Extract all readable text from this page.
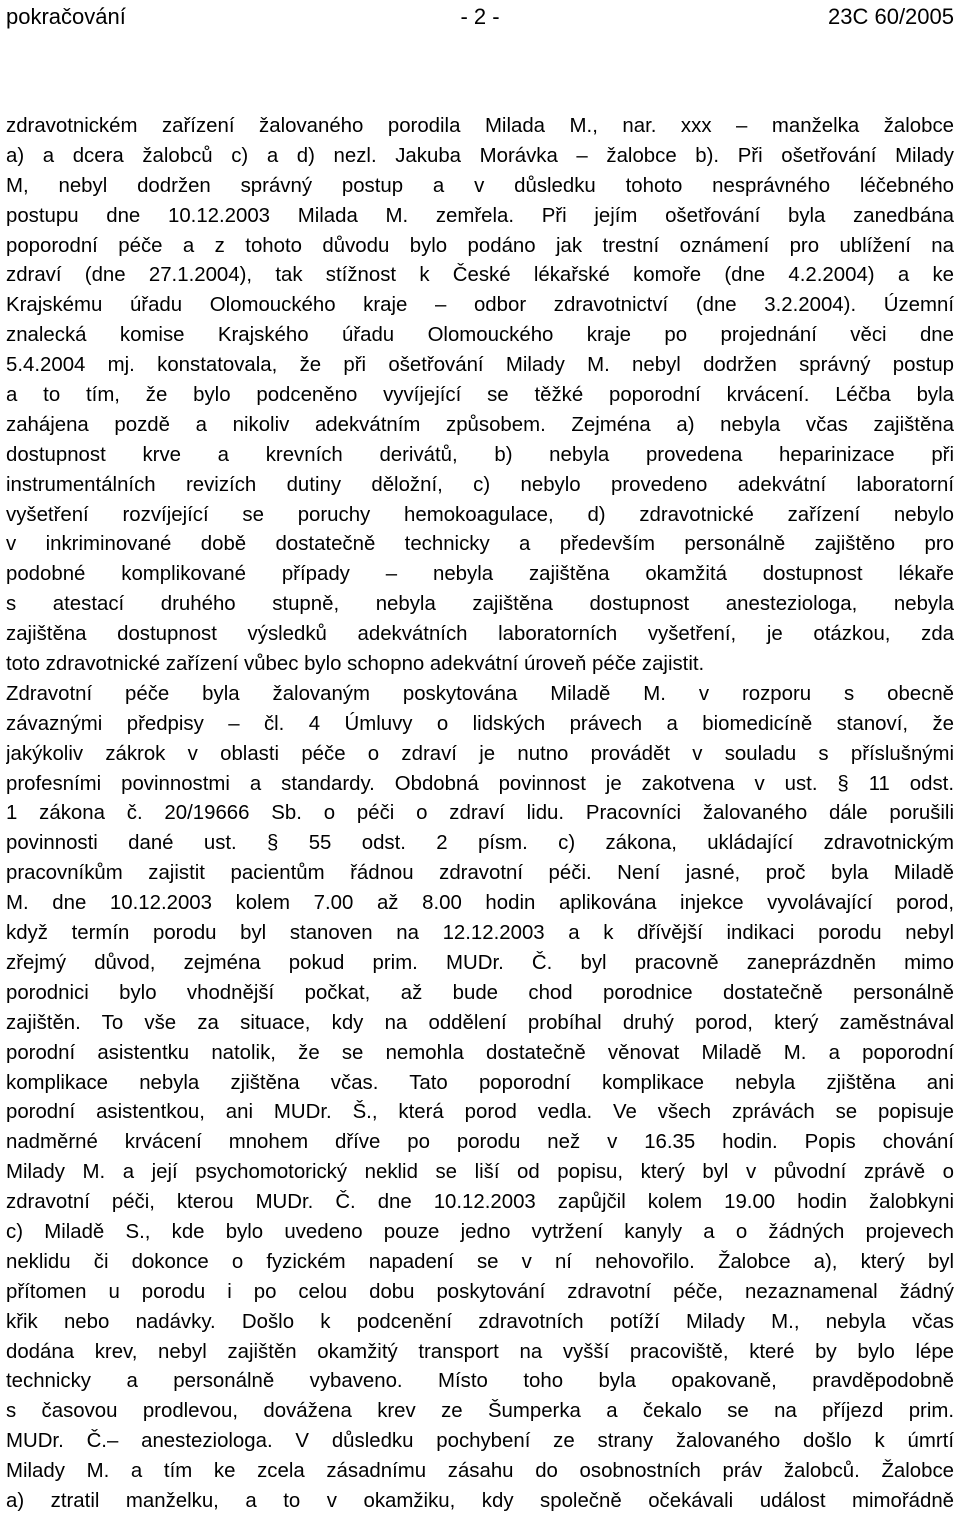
pokračování	- 2 -	23C 60/2005
zdravotnickém zařízení žalovaného porodila Milada M., nar. xxx – manželka žalobce
a) a dcera žalobců c) a d) nezl. Jakuba Morávka – žalobce b). Při ošetřování Milady
M, nebyl dodržen správný postup a v důsledku tohoto nesprávného léčebného
postupu dne 10.12.2003 Milada M. zemřela. Při jejím ošetřování byla zanedbána
poporodní péče a z tohoto důvodu bylo podáno jak trestní oznámení pro ublížení na
zdraví (dne 27.1.2004), tak stížnost k České lékařské komoře (dne 4.2.2004) a ke
Krajskému úřadu Olomouckého kraje – odbor zdravotnictví (dne 3.2.2004). Územní
znalecká komise Krajského úřadu Olomouckého kraje po projednání věci dne
5.4.2004 mj. konstatovala, že při ošetřování Milady M. nebyl dodržen správný postup
a to tím, že bylo podceněno vyvíjející se těžké poporodní krvácení. Léčba byla
zahájena pozdě a nikoliv adekvátním způsobem. Zejména a) nebyla včas zajištěna
dostupnost krve a krevních derivátů, b) nebyla provedena heparinizace při
instrumentálních revizích dutiny děložní, c) nebylo provedeno adekvátní laboratorní
vyšetření rozvíjející se poruchy hemokoagulace, d) zdravotnické zařízení nebylo
v inkriminované době dostatečně technicky a především personálně zajištěno pro
podobné komplikované případy – nebyla zajištěna okamžitá dostupnost lékaře
s atestací druhého stupně, nebyla zajištěna dostupnost anesteziologa, nebyla
zajištěna dostupnost výsledků adekvátních laboratorních vyšetření, je otázkou, zda
toto zdravotnické zařízení vůbec bylo schopno adekvátní úroveň péče zajistit.
Zdravotní péče byla žalovaným poskytována Miladě M. v rozporu s obecně
závaznými předpisy – čl. 4 Úmluvy o lidských právech a biomedicíně stanoví, že
jakýkoliv zákrok v oblasti péče o zdraví je nutno provádět v souladu s příslušnými
profesními povinnostmi a standardy. Obdobná povinnost je zakotvena v ust. § 11 odst.
1 zákona č. 20/19666 Sb. o péči o zdraví lidu. Pracovníci žalovaného dále porušili
povinnosti dané ust. § 55 odst. 2 písm. c) zákona, ukládající zdravotnickým
pracovníkům zajistit pacientům řádnou zdravotní péči. Není jasné, proč byla Miladě
M. dne 10.12.2003 kolem 7.00 až 8.00 hodin aplikována injekce vyvolávající porod,
když termín porodu byl stanoven na 12.12.2003 a k dřívější indikaci porodu nebyl
zřejmý důvod, zejména pokud prim. MUDr. Č. byl pracovně zaneprázdněn mimo
porodnici bylo vhodnější počkat, až bude chod porodnice dostatečně personálně
zajištěn. To vše za situace, kdy na oddělení probíhal druhý porod, který zaměstnával
porodní asistentku natolik, že se nemohla dostatečně věnovat Miladě M. a poporodní
komplikace nebyla zjištěna včas. Tato poporodní komplikace nebyla zjištěna ani
porodní asistentkou, ani MUDr. Š., která porod vedla. Ve všech zprávách se popisuje
nadměrné krvácení mnohem dříve po porodu než v 16.35 hodin. Popis chování
Milady M. a její psychomotorický neklid se liší od popisu, který byl v původní zprávě o
zdravotní péči, kterou MUDr. Č. dne 10.12.2003 zapůjčil kolem 19.00 hodin žalobkyni
c) Miladě S., kde bylo uvedeno pouze jedno vytržení kanyly a o žádných projevech
neklidu či dokonce o fyzickém napadení se v ní nehovořilo. Žalobce a), který byl
přítomen u porodu i po celou dobu poskytování zdravotní péče, nezaznamenal žádný
křik nebo nadávky. Došlo k podcenění zdravotních potíží Milady M., nebyla včas
dodána krev, nebyl zajištěn okamžitý transport na vyšší pracoviště, které by bylo lépe
technicky a personálně vybaveno. Místo toho byla opakovaně, pravděpodobně
s časovou prodlevou, dovážena krev ze Šumperka a čekalo se na příjezd prim.
MUDr. Č.– anesteziologa. V důsledku pochybení ze strany žalovaného došlo k úmrtí
Milady M. a tím ke zcela zásadnímu zásahu do osobnostních práv žalobců. Žalobce
a) ztratil manželku, a to v okamžiku, kdy společně očekávali událost mimořádně
